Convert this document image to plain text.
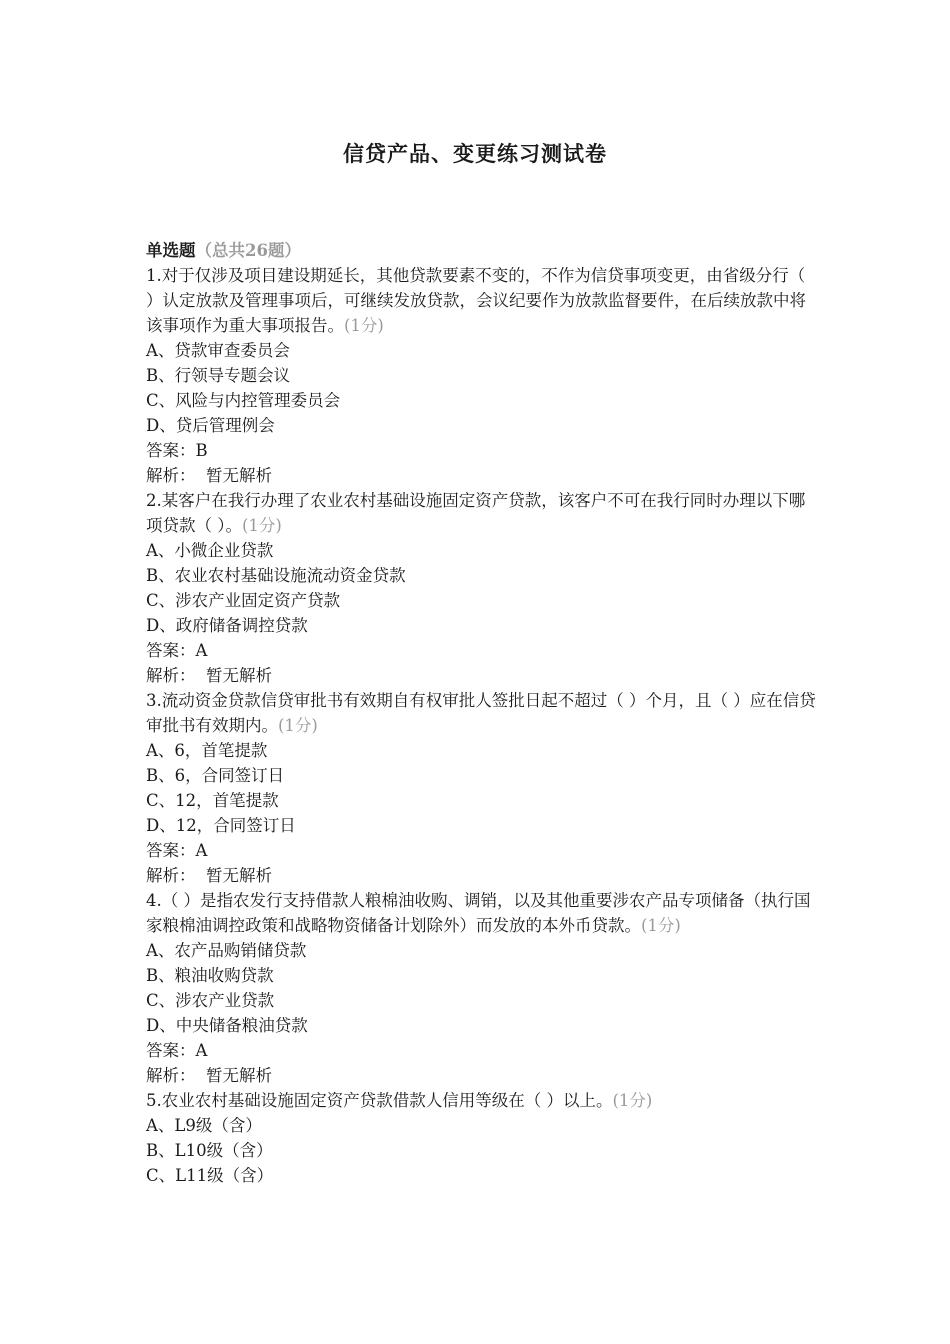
信贷产品、变更练习测试卷
单选题（总共26题）
1.对于仅涉及项目建设期延长，其他贷款要素不变的，不作为信贷事项变更，由省级分行（ ）认定放款及管理事项后，可继续发放贷款，会议纪要作为放款监督要件，在后续放款中将该事项作为重大事项报告。(1分)
A、贷款审查委员会
B、行领导专题会议
C、风险与内控管理委员会
D、贷后管理例会
答案：B
解析：  暂无解析
2.某客户在我行办理了农业农村基础设施固定资产贷款，该客户不可在我行同时办理以下哪项贷款（ ）。(1分)
A、小微企业贷款
B、农业农村基础设施流动资金贷款
C、涉农产业固定资产贷款
D、政府储备调控贷款
答案：A
解析：  暂无解析
3.流动资金贷款信贷审批书有效期自有权审批人签批日起不超过（ ）个月，且（ ）应在信贷审批书有效期内。(1分)
A、6，首笔提款
B、6，合同签订日
C、12，首笔提款
D、12，合同签订日
答案：A
解析：  暂无解析
4.（ ）是指农发行支持借款人粮棉油收购、调销，以及其他重要涉农产品专项储备（执行国家粮棉油调控政策和战略物资储备计划除外）而发放的本外币贷款。(1分)
A、农产品购销储贷款
B、粮油收购贷款
C、涉农产业贷款
D、中央储备粮油贷款
答案：A
解析：  暂无解析
5.农业农村基础设施固定资产贷款借款人信用等级在（ ）以上。(1分)
A、L9级（含）
B、L10级（含）
C、L11级（含）
